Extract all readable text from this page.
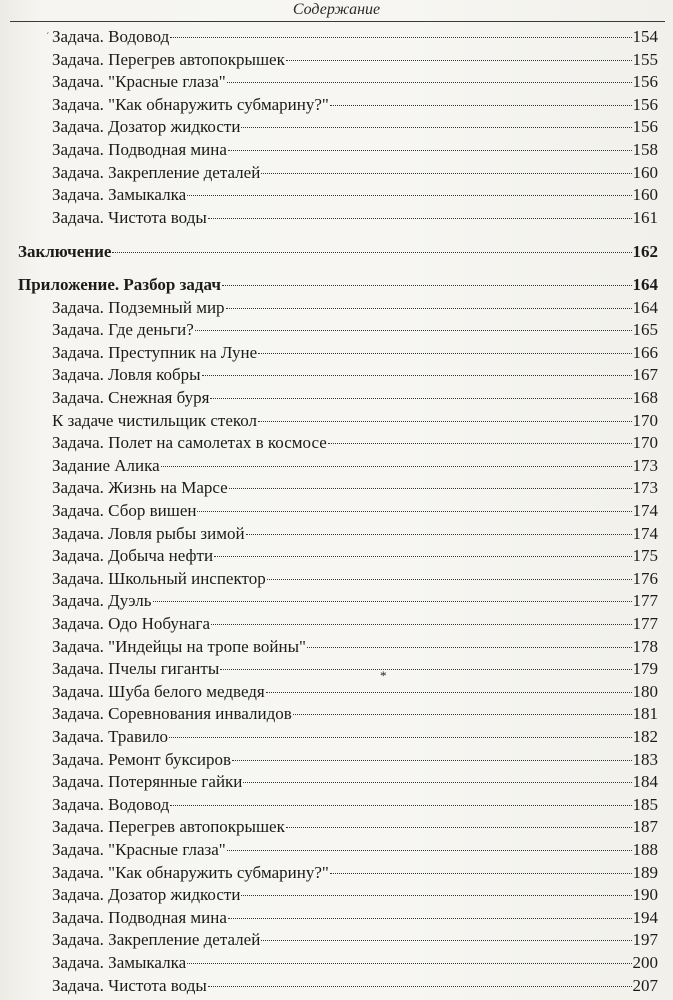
Содержание
ˊ Задача. Водовод	154
Задача. Перегрев автопокрышек	155
Задача. "Красные глаза"	156
Задача. "Как обнаружить субмарину?"	156
Задача. Дозатор жидкости	156
Задача. Подводная мина	158
Задача. Закрепление деталей	160
Задача. Замыкалка	160
Задача. Чистота воды	161
Заключение	162
Приложение. Разбор задач	164
Задача. Подземный мир	164
Задача. Где деньги?	165
Задача. Преступник на Луне	166
Задача. Ловля кобры	167
Задача. Снежная буря	168
К задаче чистильщик стекол	170
Задача. Полет на самолетах в космосе	170
Задание Алика	173
Задача. Жизнь на Марсе	173
Задача. Сбор вишен	174
Задача. Ловля рыбы зимой	174
Задача. Добыча нефти	175
Задача. Школьный инспектор	176
Задача. Дуэль	177
Задача. Одо Нобунага	177
Задача. "Индейцы на тропе войны"	178
Задача. Пчелы гиганты	179
Задача. Шуба белого медведя	180
Задача. Соревнования инвалидов	181
Задача. Травило	182
Задача. Ремонт буксиров	183
Задача. Потерянные гайки	184
Задача. Водовод	185
Задача. Перегрев автопокрышек	187
Задача. "Красные глаза"	188
Задача. "Как обнаружить субмарину?"	189
Задача. Дозатор жидкости	190
Задача. Подводная мина	194
Задача. Закрепление деталей	197
Задача. Замыкалка	200
Задача. Чистота воды	207
*
